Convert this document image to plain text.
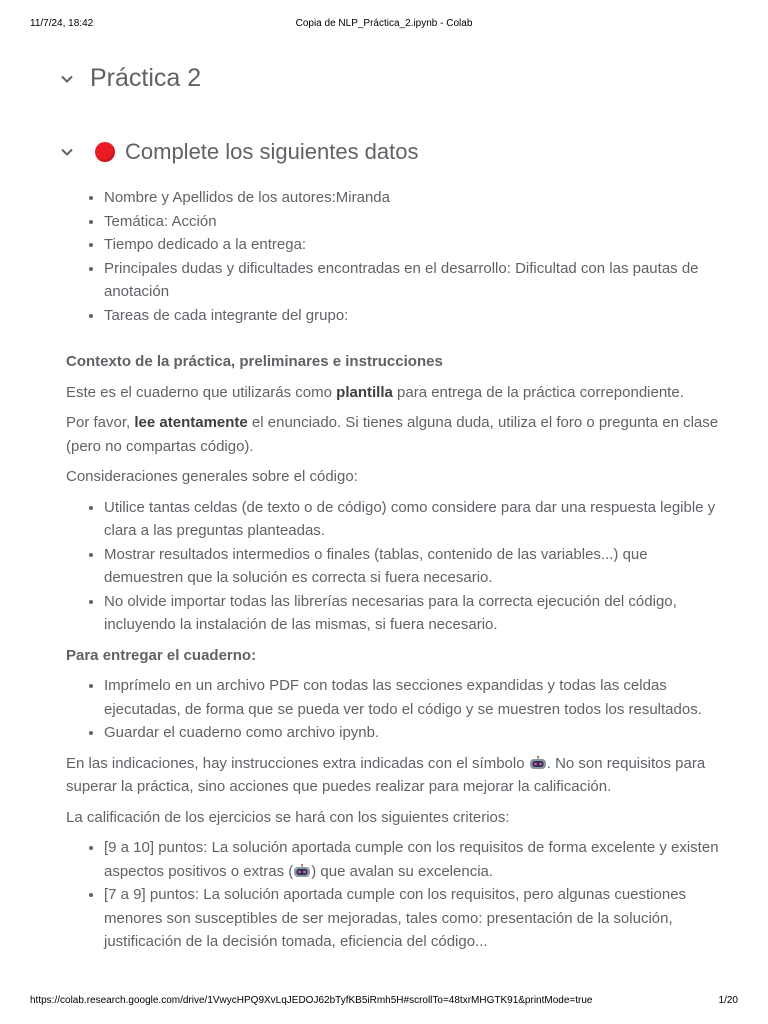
11/7/24, 18:42	Copia de NLP_Práctica_2.ipynb - Colab
Práctica 2
Complete los siguientes datos
• Nombre y Apellidos de los autores:Miranda
• Temática: Acción
• Tiempo dedicado a la entrega:
• Principales dudas y dificultades encontradas en el desarrollo: Dificultad con las pautas de anotación
• Tareas de cada integrante del grupo:

Contexto de la práctica, preliminares e instrucciones

Este es el cuaderno que utilizarás como plantilla para entrega de la práctica correpondiente.

Por favor, lee atentamente el enunciado. Si tienes alguna duda, utiliza el foro o pregunta en clase (pero no compartas código).

Consideraciones generales sobre el código:

• Utilice tantas celdas (de texto o de código) como considere para dar una respuesta legible y clara a las preguntas planteadas.
• Mostrar resultados intermedios o finales (tablas, contenido de las variables...) que demuestren que la solución es correcta si fuera necesario.
• No olvide importar todas las librerías necesarias para la correcta ejecución del código, incluyendo la instalación de las mismas, si fuera necesario.

Para entregar el cuaderno:

• Imprímelo en un archivo PDF con todas las secciones expandidas y todas las celdas ejecutadas, de forma que se pueda ver todo el código y se muestren todos los resultados.
• Guardar el cuaderno como archivo ipynb.

En las indicaciones, hay instrucciones extra indicadas con el símbolo
. No son requisitos para superar la práctica, sino acciones que puedes realizar para mejorar la calificación.

La calificación de los ejercicios se hará con los siguientes criterios:

• [9 a 10] puntos: La solución aportada cumple con los requisitos de forma excelente y existen aspectos positivos o extras ( ) que avalan su excelencia.
• [7 a 9] puntos: La solución aportada cumple con los requisitos, pero algunas cuestiones menores son susceptibles de ser mejoradas, tales como: presentación de la solución, justificación de la decisión tomada, eficiencia del código...
https://colab.research.google.com/drive/1VwycHPQ9XvLqJEDOJ62bTyfKB5iRmh5H#scrollTo=48txrMHGTK91&printMode=true	1/20
